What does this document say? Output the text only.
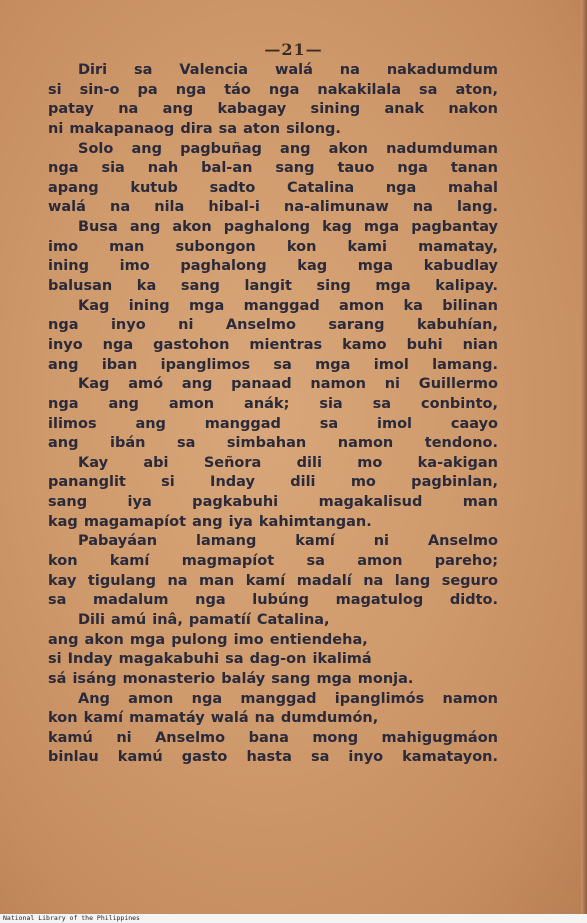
—21—
Diri sa Valencia walá na nakadumdum
si sin-o pa nga táo nga nakakilala sa aton,
patay na ang kabagay sining anak nakon
ni makapanaog dira sa aton silong.
Solo ang pagbuñag ang akon nadumduman
nga sia nah bal-an sang tauo nga tanan
apang kutub sadto Catalina nga mahal
walá na nila hibal-i na-alimunaw na lang.
Busa ang akon paghalong kag mga pagbantay
imo man subongon kon kami mamatay,
ining imo paghalong kag mga kabudlay
balusan ka sang langit sing mga kalipay.
Kag ining mga manggad amon ka bilinan
nga inyo ni Anselmo sarang kabuhían,
inyo nga gastohon mientras kamo buhi nian
ang iban ipanglimos sa mga imol lamang.
Kag amó ang panaad namon ni Guillermo
nga ang amon anák; sia sa conbinto,
ilimos ang manggad sa imol caayo
ang ibán sa simbahan namon tendono.
Kay abi Señora dili mo ka-akigan
pananglit si Inday dili mo pagbinlan,
sang iya pagkabuhi magakalisud man
kag magamapíot ang iya kahimtangan.
Pabayáan lamang kamí ni Anselmo
kon kamí magmapíot sa amon pareho;
kay tigulang na man kamí madalí na lang seguro
sa madalum nga lubúng magatulog didto.
Dili amú inâ, pamatíí Catalina,
ang akon mga pulong imo entiendeha,
si Inday magakabuhi sa dag-on ikalimá
sá isáng monasterio baláy sang mga monja.
Ang amon nga manggad ipanglimós namon
kon kamí mamatáy walá na dumdumón,
kamú ni Anselmo bana mong mahigugmáon
binlau kamú gasto hasta sa inyo kamatayon.
National Library of the Philippines
